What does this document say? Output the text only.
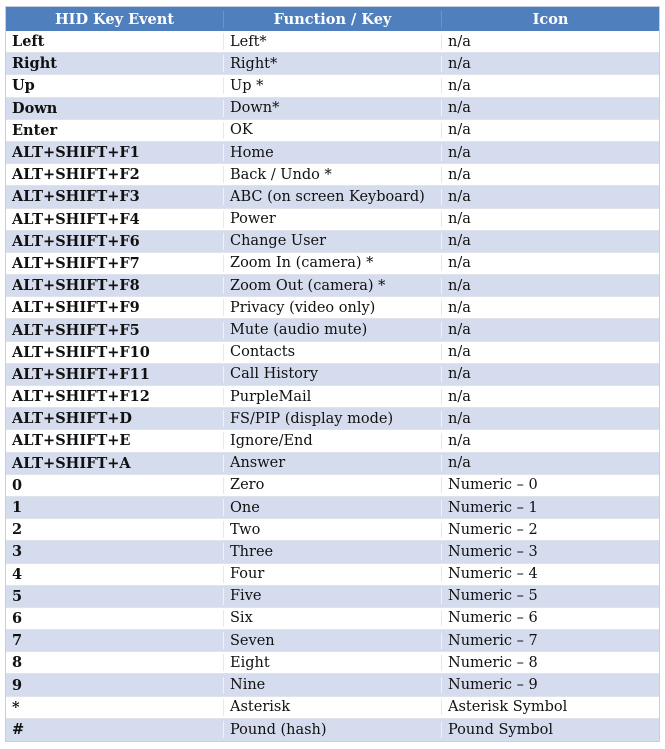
HID Key Event	Function / Key	Icon
Left	Left*	n/a
Right	Right*	n/a
Up	Up *	n/a
Down	Down*	n/a
Enter	OK	n/a
ALT+SHIFT+F1	Home	n/a
ALT+SHIFT+F2	Back / Undo *	n/a
ALT+SHIFT+F3	ABC (on screen Keyboard)	n/a
ALT+SHIFT+F4	Power	n/a
ALT+SHIFT+F6	Change User	n/a
ALT+SHIFT+F7	Zoom In (camera) *	n/a
ALT+SHIFT+F8	Zoom Out (camera) *	n/a
ALT+SHIFT+F9	Privacy (video only)	n/a
ALT+SHIFT+F5	Mute (audio mute)	n/a
ALT+SHIFT+F10	Contacts	n/a
ALT+SHIFT+F11	Call History	n/a
ALT+SHIFT+F12	PurpleMail	n/a
ALT+SHIFT+D	FS/PIP (display mode)	n/a
ALT+SHIFT+E	Ignore/End	n/a
ALT+SHIFT+A	Answer	n/a
0	Zero	Numeric – 0
1	One	Numeric – 1
2	Two	Numeric – 2
3	Three	Numeric – 3
4	Four	Numeric – 4
5	Five	Numeric – 5
6	Six	Numeric – 6
7	Seven	Numeric – 7
8	Eight	Numeric – 8
9	Nine	Numeric – 9
*	Asterisk	Asterisk Symbol
#	Pound (hash)	Pound Symbol
